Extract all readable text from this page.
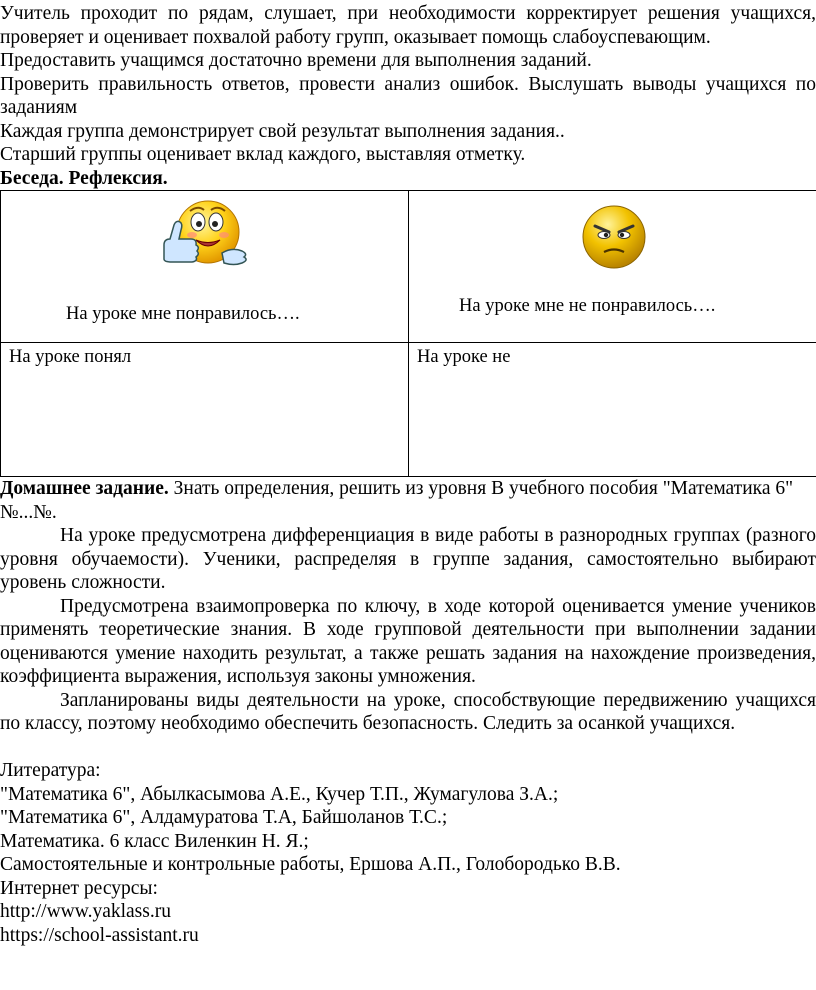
Учитель проходит по рядам, слушает, при необходимости корректирует решения учащихся, проверяет и оценивает похвалой работу групп, оказывает помощь слабоуспевающим.

Предоставить учащимся достаточно времени для выполнения заданий.

Проверить правильность ответов, провести анализ ошибок. Выслушать выводы учащихся по заданиям

Каждая группа демонстрирует свой результат выполнения задания..

Старший группы оценивает вклад каждого, выставляя отметку.

Беседа. Рефлексия.

На уроке мне понравилось….	На уроке мне не понравилось….

На уроке понял	На уроке не

Домашнее задание. Знать определения, решить из уровня В учебного пособия "Математика 6" №...№.

На уроке предусмотрена дифференциация в виде работы в разнородных группах (разного уровня обучаемости). Ученики, распределяя в группе задания, самостоятельно выбирают уровень сложности.

Предусмотрена взаимопроверка по ключу, в ходе которой оценивается умение учеников применять теоретические знания. В ходе групповой деятельности при выполнении задании оцениваются умение находить результат, а также решать задания на нахождение произведения, коэффициента выражения, используя законы умножения.

Запланированы виды деятельности на уроке, способствующие передвижению учащихся по классу, поэтому необходимо обеспечить безопасность. Следить за осанкой учащихся.

Литература:

"Математика 6", Абылкасымова А.Е., Кучер Т.П., Жумагулова З.А.;

"Математика 6", Алдамуратова Т.А, Байшоланов Т.С.;

Математика. 6 класс Виленкин Н. Я.;

Самостоятельные и контрольные работы, Ершова А.П., Голобородько В.В.

Интернет ресурсы:

http://www.yaklass.ru

https://school-assistant.ru
